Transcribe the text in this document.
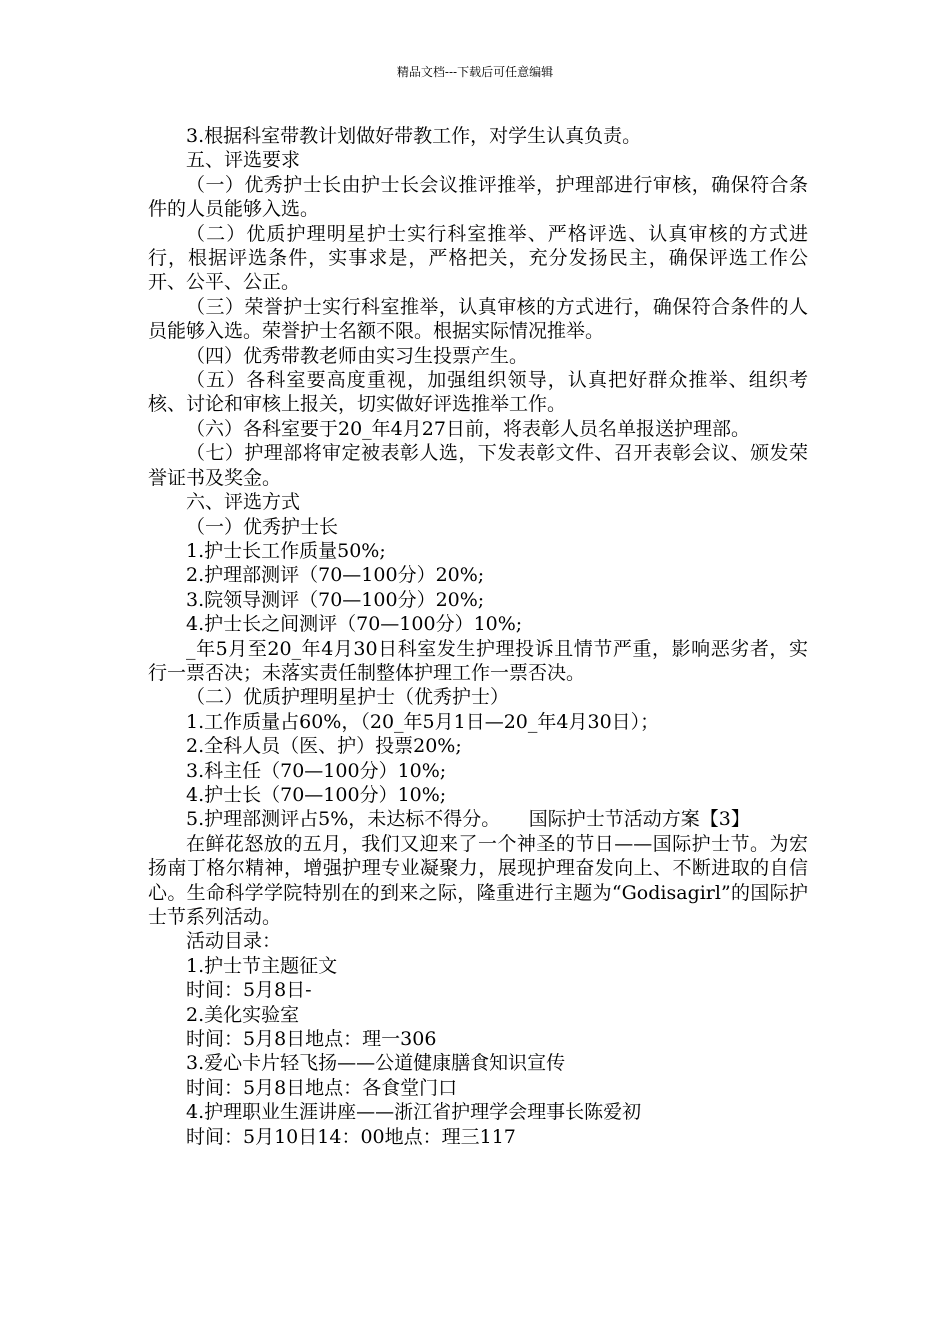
精品文档---下载后可任意编辑

3.根据科室带教计划做好带教工作，对学生认真负责。

五、评选要求

（一）优秀护士长由护士长会议推评推举，护理部进行审核，确保符合条件的人员能够入选。

（二）优质护理明星护士实行科室推举、严格评选、认真审核的方式进行，根据评选条件，实事求是，严格把关，充分发扬民主，确保评选工作公开、公平、公正。

（三）荣誉护士实行科室推举，认真审核的方式进行，确保符合条件的人员能够入选。荣誉护士名额不限。根据实际情况推举。

（四）优秀带教老师由实习生投票产生。

（五）各科室要高度重视，加强组织领导，认真把好群众推举、组织考核、讨论和审核上报关，切实做好评选推举工作。

（六）各科室要于20_年4月27日前，将表彰人员名单报送护理部。

（七）护理部将审定被表彰人选，下发表彰文件、召开表彰会议、颁发荣誉证书及奖金。

六、评选方式

（一）优秀护士长

1.护士长工作质量50%;

2.护理部测评（70—100分）20%;

3.院领导测评（70—100分）20%;

4.护士长之间测评（70—100分）10%;

_年5月至20_年4月30日科室发生护理投诉且情节严重，影响恶劣者，实行一票否决；未落实责任制整体护理工作一票否决。

（二）优质护理明星护士（优秀护士）

1.工作质量占60%，（20_年5月1日—20_年4月30日）；

2.全科人员（医、护）投票20%;

3.科主任（70—100分）10%;

4.护士长（70—100分）10%;

5.护理部测评占5%，未达标不得分。　　国际护士节活动方案【3】

在鲜花怒放的五月，我们又迎来了一个神圣的节日——国际护士节。为宏扬南丁格尔精神，增强护理专业凝聚力，展现护理奋发向上、不断进取的自信心。生命科学学院特别在的到来之际，隆重进行主题为“Godisagirl”的国际护士节系列活动。

活动目录：

1.护士节主题征文

时间：5月8日-

2.美化实验室

时间：5月8日地点：理一306

3.爱心卡片轻飞扬——公道健康膳食知识宣传

时间：5月8日地点：各食堂门口

4.护理职业生涯讲座——浙江省护理学会理事长陈爱初

时间：5月10日14：00地点：理三117
